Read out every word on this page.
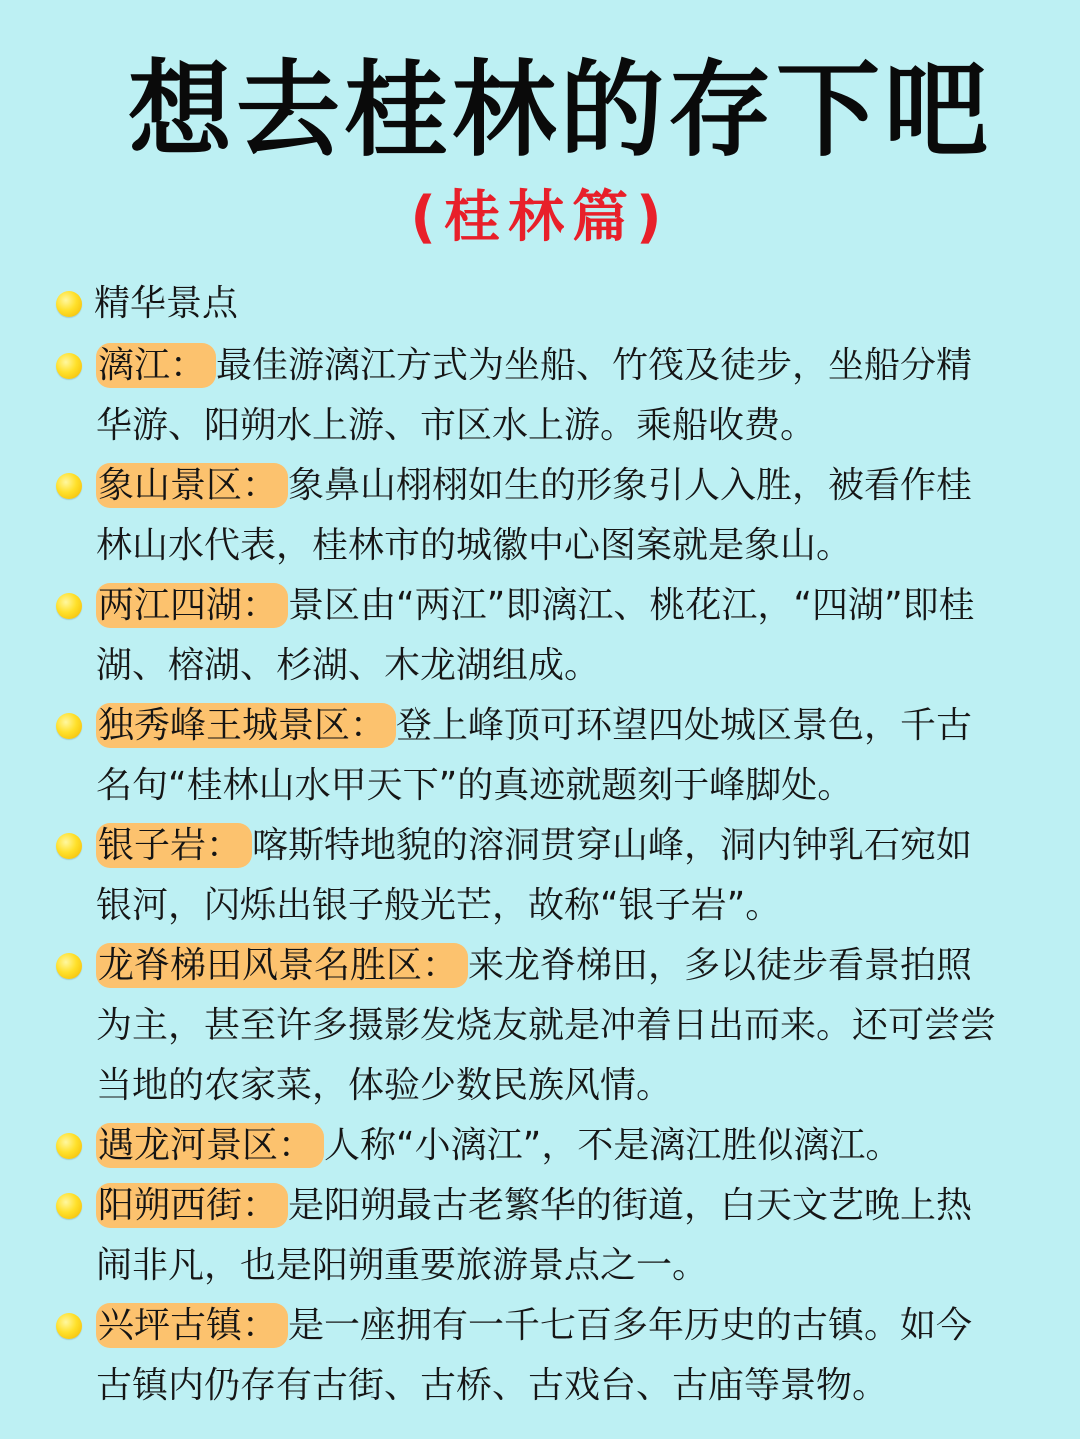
想去桂林的存下吧
(桂林篇)
精华景点
漓江： 最佳游漓江方式为坐船、竹筏及徒步，坐船分精华游、阳朔水上游、市区水上游。乘船收费。
象山景区： 象鼻山栩栩如生的形象引人入胜，被看作桂林山水代表，桂林市的城徽中心图案就是象山。
两江四湖： 景区由“两江”即漓江、桃花江，“四湖”即桂湖、榕湖、杉湖、木龙湖组成。
独秀峰王城景区： 登上峰顶可环望四处城区景色，千古名句“桂林山水甲天下”的真迹就题刻于峰脚处。
银子岩： 喀斯特地貌的溶洞贯穿山峰，洞内钟乳石宛如银河，闪烁出银子般光芒，故称“银子岩”。
龙脊梯田风景名胜区： 来龙脊梯田，多以徒步看景拍照为主，甚至许多摄影发烧友就是冲着日出而来。还可尝尝当地的农家菜，体验少数民族风情。
遇龙河景区： 人称“小漓江”，不是漓江胜似漓江。
阳朔西街： 是阳朔最古老繁华的街道，白天文艺晚上热闹非凡，也是阳朔重要旅游景点之一。
兴坪古镇： 是一座拥有一千七百多年历史的古镇。如今古镇内仍存有古街、古桥、古戏台、古庙等景物。
